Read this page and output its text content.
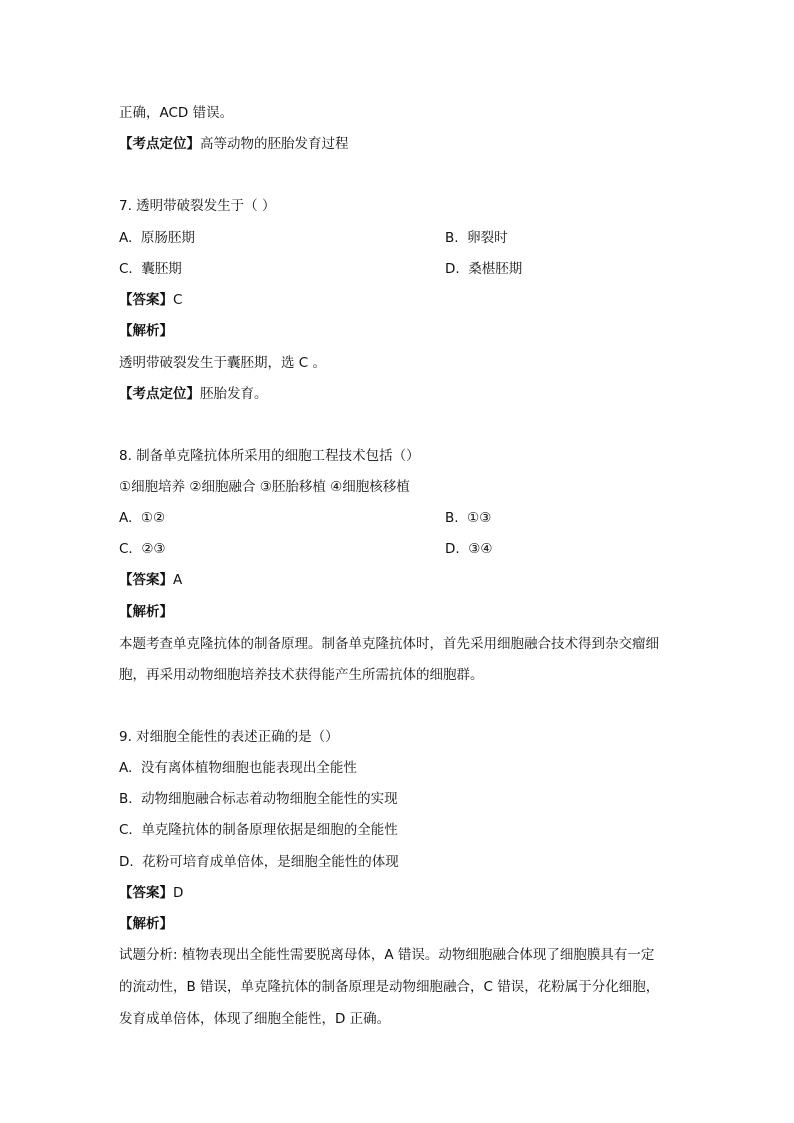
正确，ACD 错误。
【考点定位】高等动物的胚胎发育过程
7. 透明带破裂发生于（ ）
A. 原肠胚期	B. 卵裂时
C. 囊胚期	D. 桑椹胚期
【答案】C
【解析】
透明带破裂发生于囊胚期，选 C 。
【考点定位】胚胎发育。
8. 制备单克隆抗体所采用的细胞工程技术包括（）
①细胞培养 ②细胞融合 ③胚胎移植 ④细胞核移植
A. ①②	B. ①③
C. ②③	D. ③④
【答案】A
【解析】
本题考查单克隆抗体的制备原理。制备单克隆抗体时，首先采用细胞融合技术得到杂交瘤细
胞，再采用动物细胞培养技术获得能产生所需抗体的细胞群。
9. 对细胞全能性的表述正确的是（）
A. 没有离体植物细胞也能表现出全能性
B. 动物细胞融合标志着动物细胞全能性的实现
C. 单克隆抗体的制备原理依据是细胞的全能性
D. 花粉可培育成单倍体，是细胞全能性的体现
【答案】D
【解析】
试题分析: 植物表现出全能性需要脱离母体，A 错误。动物细胞融合体现了细胞膜具有一定
的流动性，B 错误，单克隆抗体的制备原理是动物细胞融合，C 错误，花粉属于分化细胞，
发育成单倍体，体现了细胞全能性，D 正确。
